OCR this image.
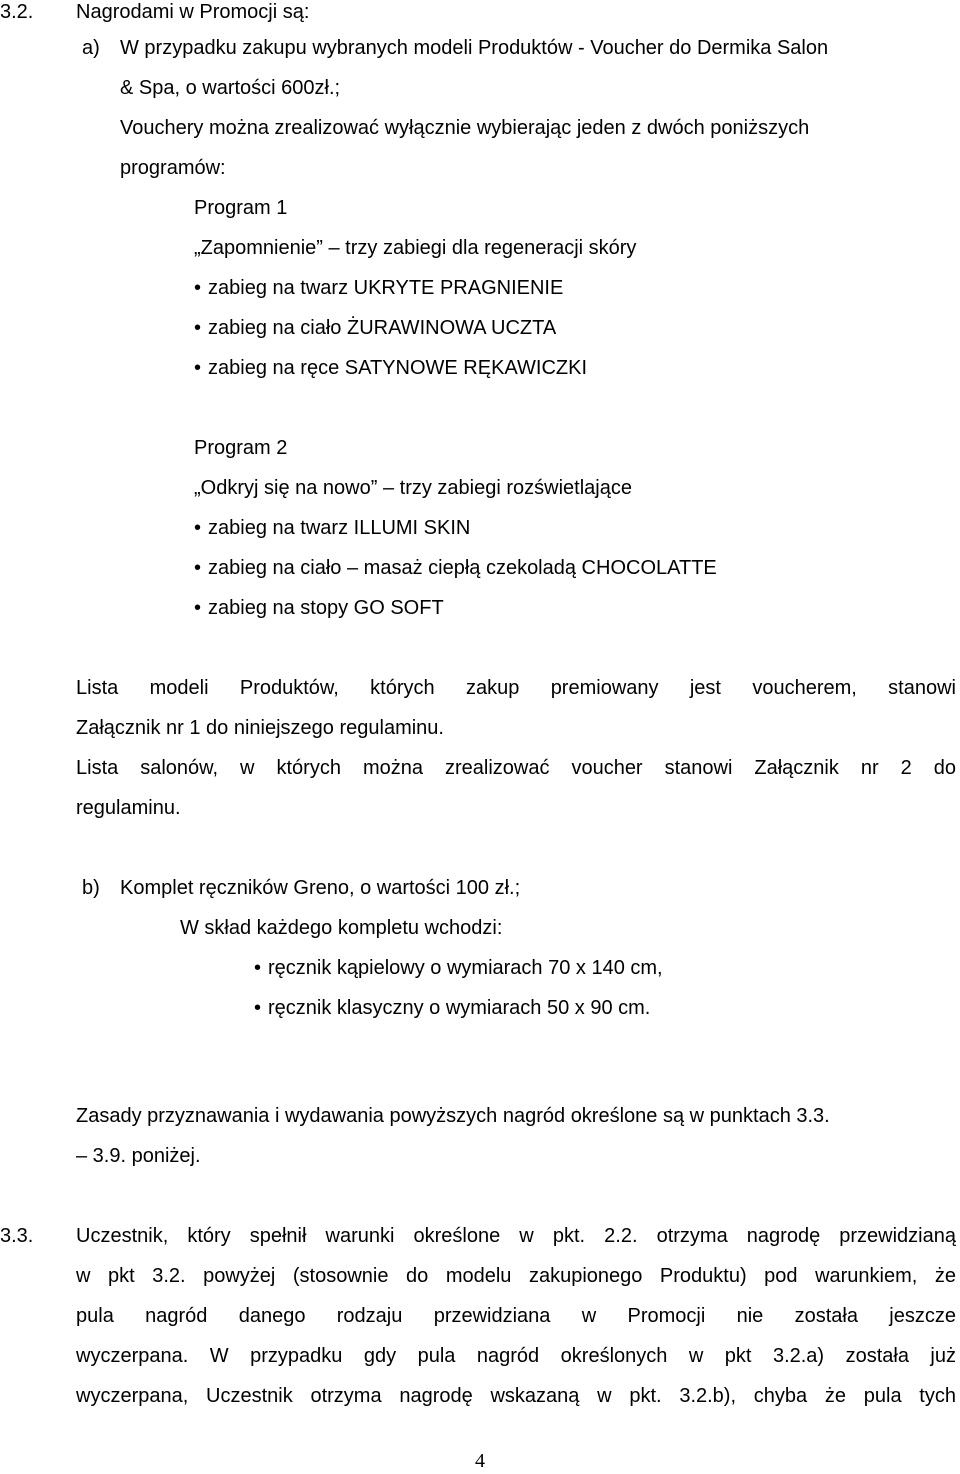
3.2. Nagrodami w Promocji są:
a) W przypadku zakupu wybranych modeli Produktów - Voucher do Dermika Salon
& Spa, o wartości 600zł.;
Vouchery można zrealizować wyłącznie wybierając jeden z dwóch poniższych
programów:
Program 1
„Zapomnienie” – trzy zabiegi dla regeneracji skóry
• zabieg na twarz UKRYTE PRAGNIENIE
• zabieg na ciało ŻURAWINOWA UCZTA
• zabieg na ręce SATYNOWE RĘKAWICZKI
Program 2
„Odkryj się na nowo” – trzy zabiegi rozświetlające
• zabieg na twarz ILLUMI SKIN
• zabieg na ciało – masaż ciepłą czekoladą CHOCOLATTE
• zabieg na stopy GO SOFT
Lista modeli Produktów, których zakup premiowany jest voucherem, stanowi
Załącznik nr 1 do niniejszego regulaminu.
Lista salonów, w których można zrealizować voucher stanowi Załącznik nr 2 do
regulaminu.
b) Komplet ręczników Greno, o wartości 100 zł.;
W skład każdego kompletu wchodzi:
• ręcznik kąpielowy o wymiarach 70 x 140 cm,
• ręcznik klasyczny o wymiarach 50 x 90 cm.
Zasady przyznawania i wydawania powyższych nagród określone są w punktach 3.3.
– 3.9. poniżej.
3.3. Uczestnik, który spełnił warunki określone w pkt. 2.2. otrzyma nagrodę przewidzianą
w pkt 3.2. powyżej (stosownie do modelu zakupionego Produktu) pod warunkiem, że
pula nagród danego rodzaju przewidziana w Promocji nie została jeszcze
wyczerpana. W przypadku gdy pula nagród określonych w pkt 3.2.a) została już
wyczerpana, Uczestnik otrzyma nagrodę wskazaną w pkt. 3.2.b), chyba że pula tych
4
